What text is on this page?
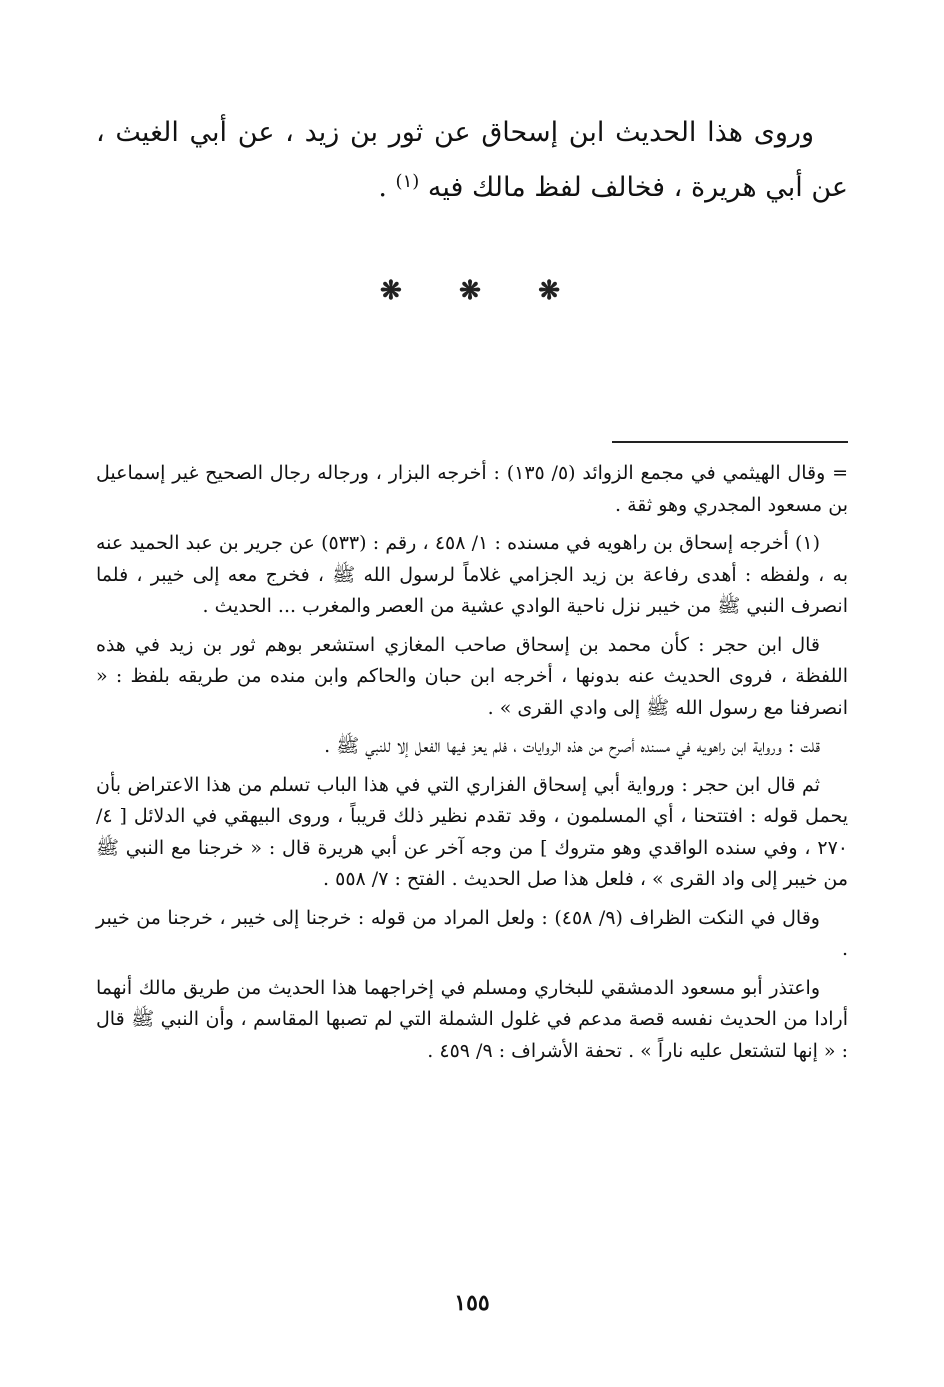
وروى هذا الحديث ابن إسحاق عن ثور بن زيد ، عن أبي الغيث ، عن أبي هريرة ، فخالف لفظ مالك فيه $^{(١)}$ .

❋ ❋ ❋

= وقال الهيثمي في مجمع الزوائد (٥/ ١٣٥) : أخرجه البزار ، ورجاله رجال الصحيح غير إسماعيل بن مسعود المجدري وهو ثقة .

(١) أخرجه إسحاق بن راهويه في مسنده : ١/ ٤٥٨ ، رقم : (٥٣٣) عن جرير بن عبد الحميد عنه به ، ولفظه : أهدى رفاعة بن زيد الجزامي غلاماً لرسول الله ﷺ ، فخرج معه إلى خيبر ، فلما انصرف النبي ﷺ من خيبر نزل ناحية الوادي عشية من العصر والمغرب ... الحديث .

قال ابن حجر : كأن محمد بن إسحاق صاحب المغازي استشعر بوهم ثور بن زيد في هذه اللفظة ، فروى الحديث عنه بدونها ، أخرجه ابن حبان والحاكم وابن منده من طريقه بلفظ : « انصرفنا مع رسول الله ﷺ إلى وادي القرى » .

قلت : ورواية ابن راهويه في مسنده أصرح من هذه الروايات ، فلم يعز فيها الفعل إلا للنبي ﷺ .

ثم قال ابن حجر : ورواية أبي إسحاق الفزاري التي في هذا الباب تسلم من هذا الاعتراض بأن يحمل قوله : افتتحنا ، أي المسلمون ، وقد تقدم نظير ذلك قريباً ، وروى البيهقي في الدلائل [ ٤/ ٢٧٠ ، وفي سنده الواقدي وهو متروك ] من وجه آخر عن أبي هريرة قال : « خرجنا مع النبي ﷺ من خيبر إلى واد القرى » ، فلعل هذا صل الحديث . الفتح : ٧/ ٥٥٨ .

وقال في النكت الظراف (٩/ ٤٥٨) : ولعل المراد من قوله : خرجنا إلى خيبر ، خرجنا من خيبر .

واعتذر أبو مسعود الدمشقي للبخاري ومسلم في إخراجهما هذا الحديث من طريق مالك أنهما أرادا من الحديث نفسه قصة مدعم في غلول الشملة التي لم تصبها المقاسم ، وأن النبي ﷺ قال : « إنها لتشتعل عليه ناراً » . تحفة الأشراف : ٩/ ٤٥٩ .

١٥٥
